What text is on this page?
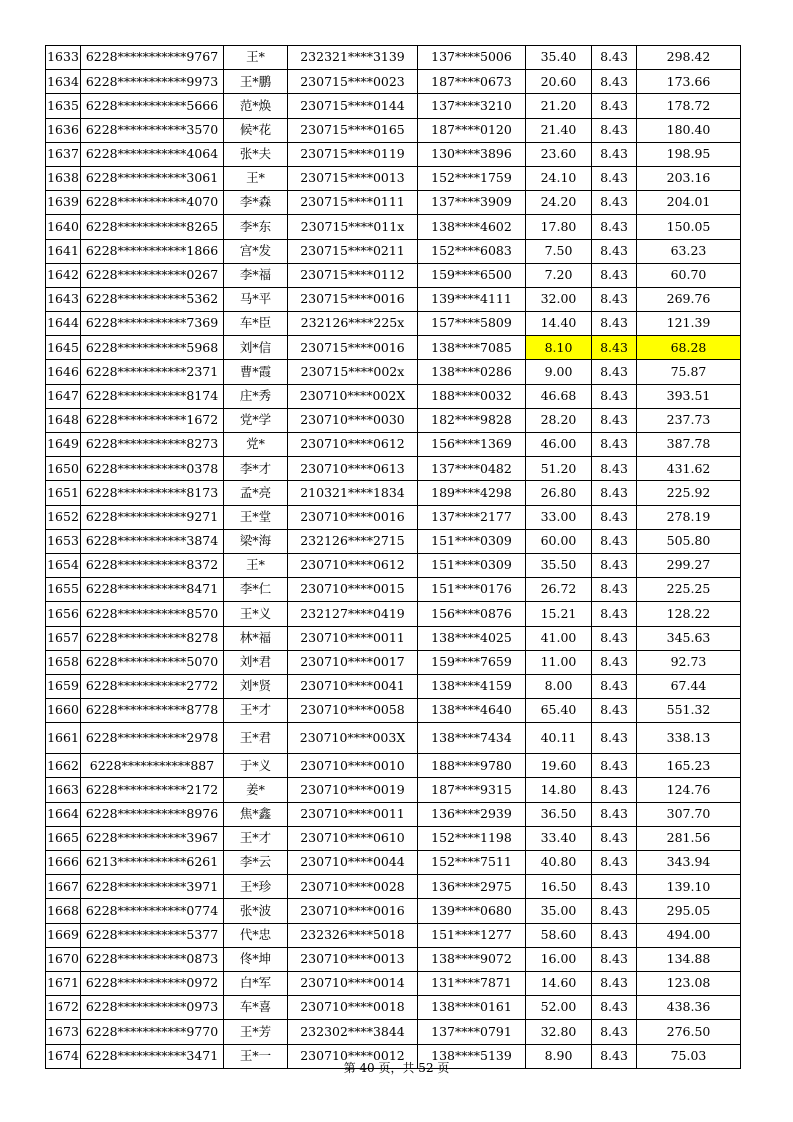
1633	6228***********9767	王*	232321****3139	137****5006	35.40	8.43	298.42
1634	6228***********9973	王*鹏	230715****0023	187****0673	20.60	8.43	173.66
1635	6228***********5666	范*焕	230715****0144	137****3210	21.20	8.43	178.72
1636	6228***********3570	候*花	230715****0165	187****0120	21.40	8.43	180.40
1637	6228***********4064	张*夫	230715****0119	130****3896	23.60	8.43	198.95
1638	6228***********3061	王*	230715****0013	152****1759	24.10	8.43	203.16
1639	6228***********4070	李*森	230715****0111	137****3909	24.20	8.43	204.01
1640	6228***********8265	李*东	230715****011x	138****4602	17.80	8.43	150.05
1641	6228***********1866	宫*发	230715****0211	152****6083	7.50	8.43	63.23
1642	6228***********0267	李*福	230715****0112	159****6500	7.20	8.43	60.70
1643	6228***********5362	马*平	230715****0016	139****4111	32.00	8.43	269.76
1644	6228***********7369	车*臣	232126****225x	157****5809	14.40	8.43	121.39
1645	6228***********5968	刘*信	230715****0016	138****7085	8.10	8.43	68.28
1646	6228***********2371	曹*霞	230715****002x	138****0286	9.00	8.43	75.87
1647	6228***********8174	庄*秀	230710****002X	188****0032	46.68	8.43	393.51
1648	6228***********1672	党*学	230710****0030	182****9828	28.20	8.43	237.73
1649	6228***********8273	党*	230710****0612	156****1369	46.00	8.43	387.78
1650	6228***********0378	李*才	230710****0613	137****0482	51.20	8.43	431.62
1651	6228***********8173	孟*亮	210321****1834	189****4298	26.80	8.43	225.92
1652	6228***********9271	王*堂	230710****0016	137****2177	33.00	8.43	278.19
1653	6228***********3874	梁*海	232126****2715	151****0309	60.00	8.43	505.80
1654	6228***********8372	王*	230710****0612	151****0309	35.50	8.43	299.27
1655	6228***********8471	李*仁	230710****0015	151****0176	26.72	8.43	225.25
1656	6228***********8570	王*义	232127****0419	156****0876	15.21	8.43	128.22
1657	6228***********8278	林*福	230710****0011	138****4025	41.00	8.43	345.63
1658	6228***********5070	刘*君	230710****0017	159****7659	11.00	8.43	92.73
1659	6228***********2772	刘*贤	230710****0041	138****4159	8.00	8.43	67.44
1660	6228***********8778	王*才	230710****0058	138****4640	65.40	8.43	551.32
1661	6228***********2978	王*君	230710****003X	138****7434	40.11	8.43	338.13
1662	6228***********887	于*义	230710****0010	188****9780	19.60	8.43	165.23
1663	6228***********2172	姜*	230710****0019	187****9315	14.80	8.43	124.76
1664	6228***********8976	焦*鑫	230710****0011	136****2939	36.50	8.43	307.70
1665	6228***********3967	王*才	230710****0610	152****1198	33.40	8.43	281.56
1666	6213***********6261	李*云	230710****0044	152****7511	40.80	8.43	343.94
1667	6228***********3971	王*珍	230710****0028	136****2975	16.50	8.43	139.10
1668	6228***********0774	张*波	230710****0016	139****0680	35.00	8.43	295.05
1669	6228***********5377	代*忠	232326****5018	151****1277	58.60	8.43	494.00
1670	6228***********0873	佟*坤	230710****0013	138****9072	16.00	8.43	134.88
1671	6228***********0972	白*军	230710****0014	131****7871	14.60	8.43	123.08
1672	6228***********0973	车*喜	230710****0018	138****0161	52.00	8.43	438.36
1673	6228***********9770	王*芳	232302****3844	137****0791	32.80	8.43	276.50
1674	6228***********3471	王*一	230710****0012	138****5139	8.90	8.43	75.03
第 40 页，共 52 页
